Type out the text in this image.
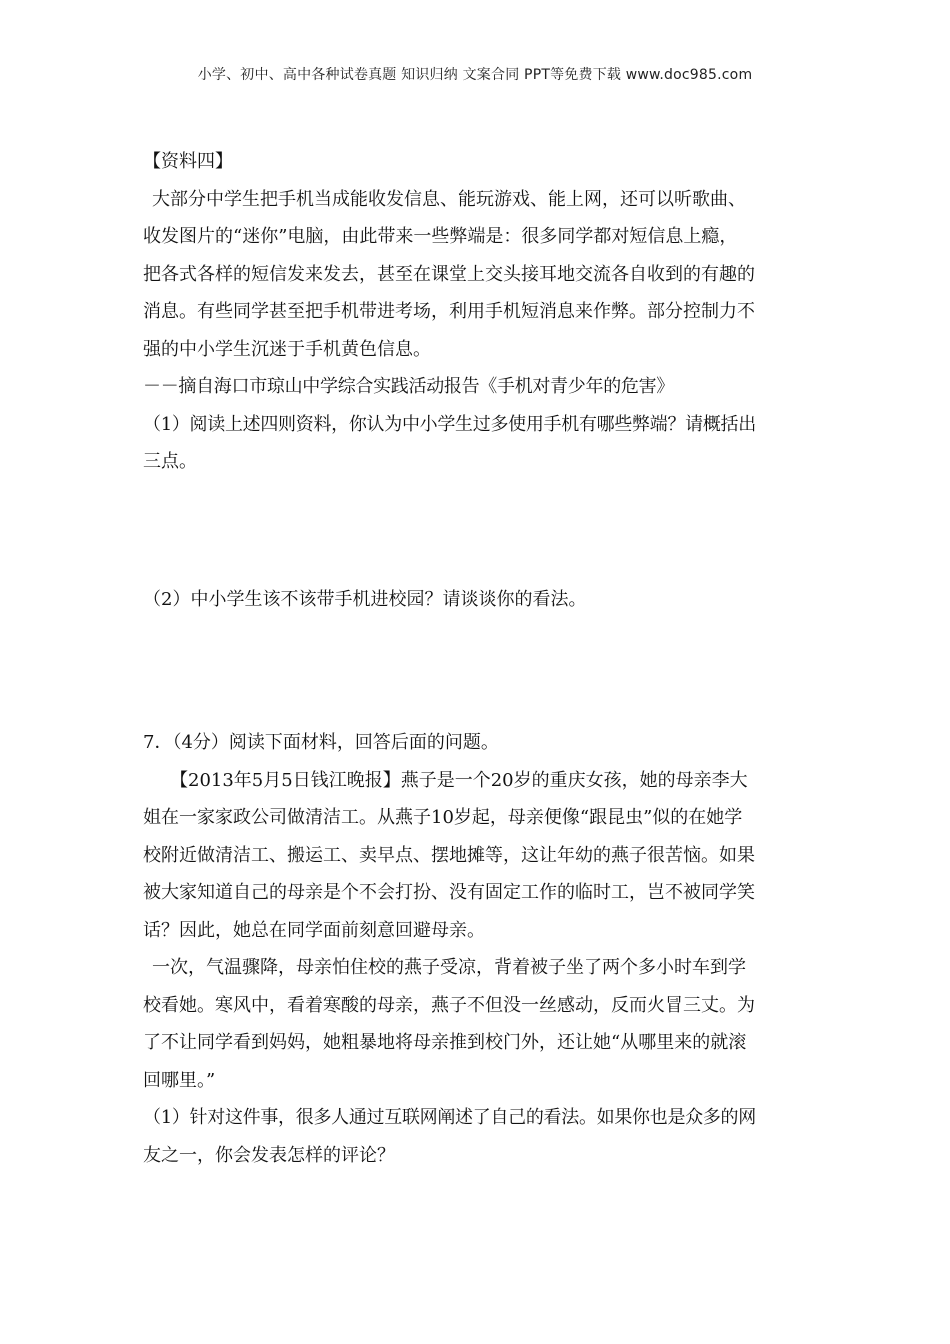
小学、初中、高中各种试卷真题 知识归纳 文案合同 PPT等免费下载 www.doc985.com
【资料四】
大部分中学生把手机当成能收发信息、能玩游戏、能上网，还可以听歌曲、
收发图片的“迷你”电脑，由此带来一些弊端是：很多同学都对短信息上瘾，
把各式各样的短信发来发去，甚至在课堂上交头接耳地交流各自收到的有趣的
消息。有些同学甚至把手机带进考场，利用手机短消息来作弊。部分控制力不
强的中小学生沉迷于手机黄色信息。
－－摘自海口市琼山中学综合实践活动报告《手机对青少年的危害》
（1）阅读上述四则资料，你认为中小学生过多使用手机有哪些弊端？请概括出
三点。
（2）中小学生该不该带手机进校园？请谈谈你的看法。
7．（4分）阅读下面材料，回答后面的问题。
【2013年5月5日钱江晚报】燕子是一个20岁的重庆女孩，她的母亲李大
姐在一家家政公司做清洁工。从燕子10岁起，母亲便像“跟昆虫”似的在她学
校附近做清洁工、搬运工、卖早点、摆地摊等，这让年幼的燕子很苦恼。如果
被大家知道自己的母亲是个不会打扮、没有固定工作的临时工，岂不被同学笑
话？因此，她总在同学面前刻意回避母亲。
一次，气温骤降，母亲怕住校的燕子受凉，背着被子坐了两个多小时车到学
校看她。寒风中，看着寒酸的母亲，燕子不但没一丝感动，反而火冒三丈。为
了不让同学看到妈妈，她粗暴地将母亲推到校门外，还让她“从哪里来的就滚
回哪里。”
（1）针对这件事，很多人通过互联网阐述了自己的看法。如果你也是众多的网
友之一，你会发表怎样的评论？
